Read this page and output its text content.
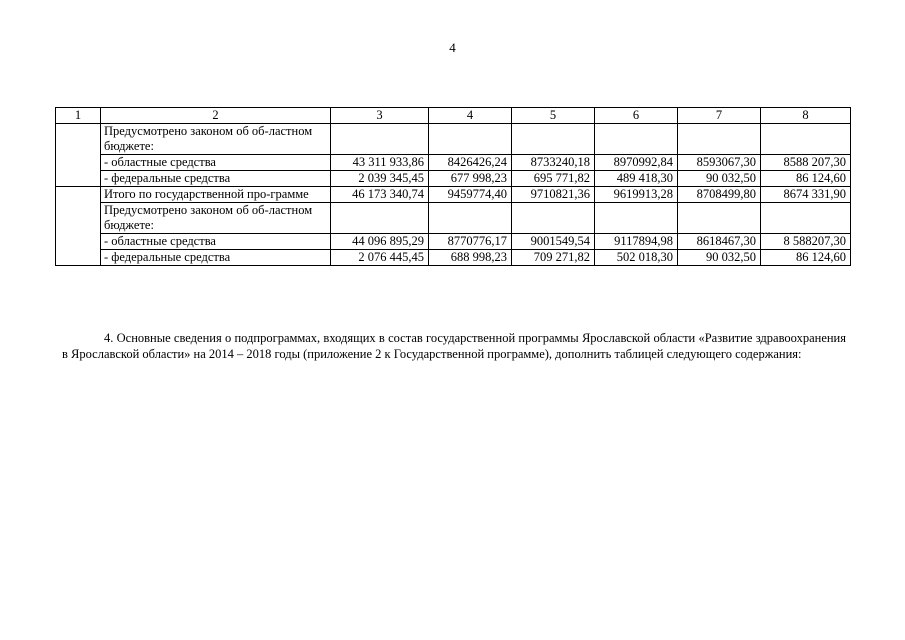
4
1	2	3	4	5	6	7	8
	Предусмотрено законом об об-ластном бюджете:						
	- областные средства	43 311 933,86	8426426,24	8733240,18	8970992,84	8593067,30	8588 207,30
	- федеральные средства	2 039 345,45	677 998,23	695 771,82	489 418,30	90 032,50	86 124,60
	Итого по государственной про-грамме	46 173 340,74	9459774,40	9710821,36	9619913,28	8708499,80	8674 331,90
	Предусмотрено законом об об-ластном бюджете:						
	- областные средства	44 096 895,29	8770776,17	9001549,54	9117894,98	8618467,30	8 588207,30
	- федеральные средства	2 076 445,45	688 998,23	709 271,82	502 018,30	90 032,50	86 124,60

4. Основные сведения о подпрограммах, входящих в состав государственной программы Ярославской области «Развитие здравоохранения в Ярославской области» на 2014 – 2018 годы (приложение 2 к Государственной программе), дополнить таблицей следующего содержания:
